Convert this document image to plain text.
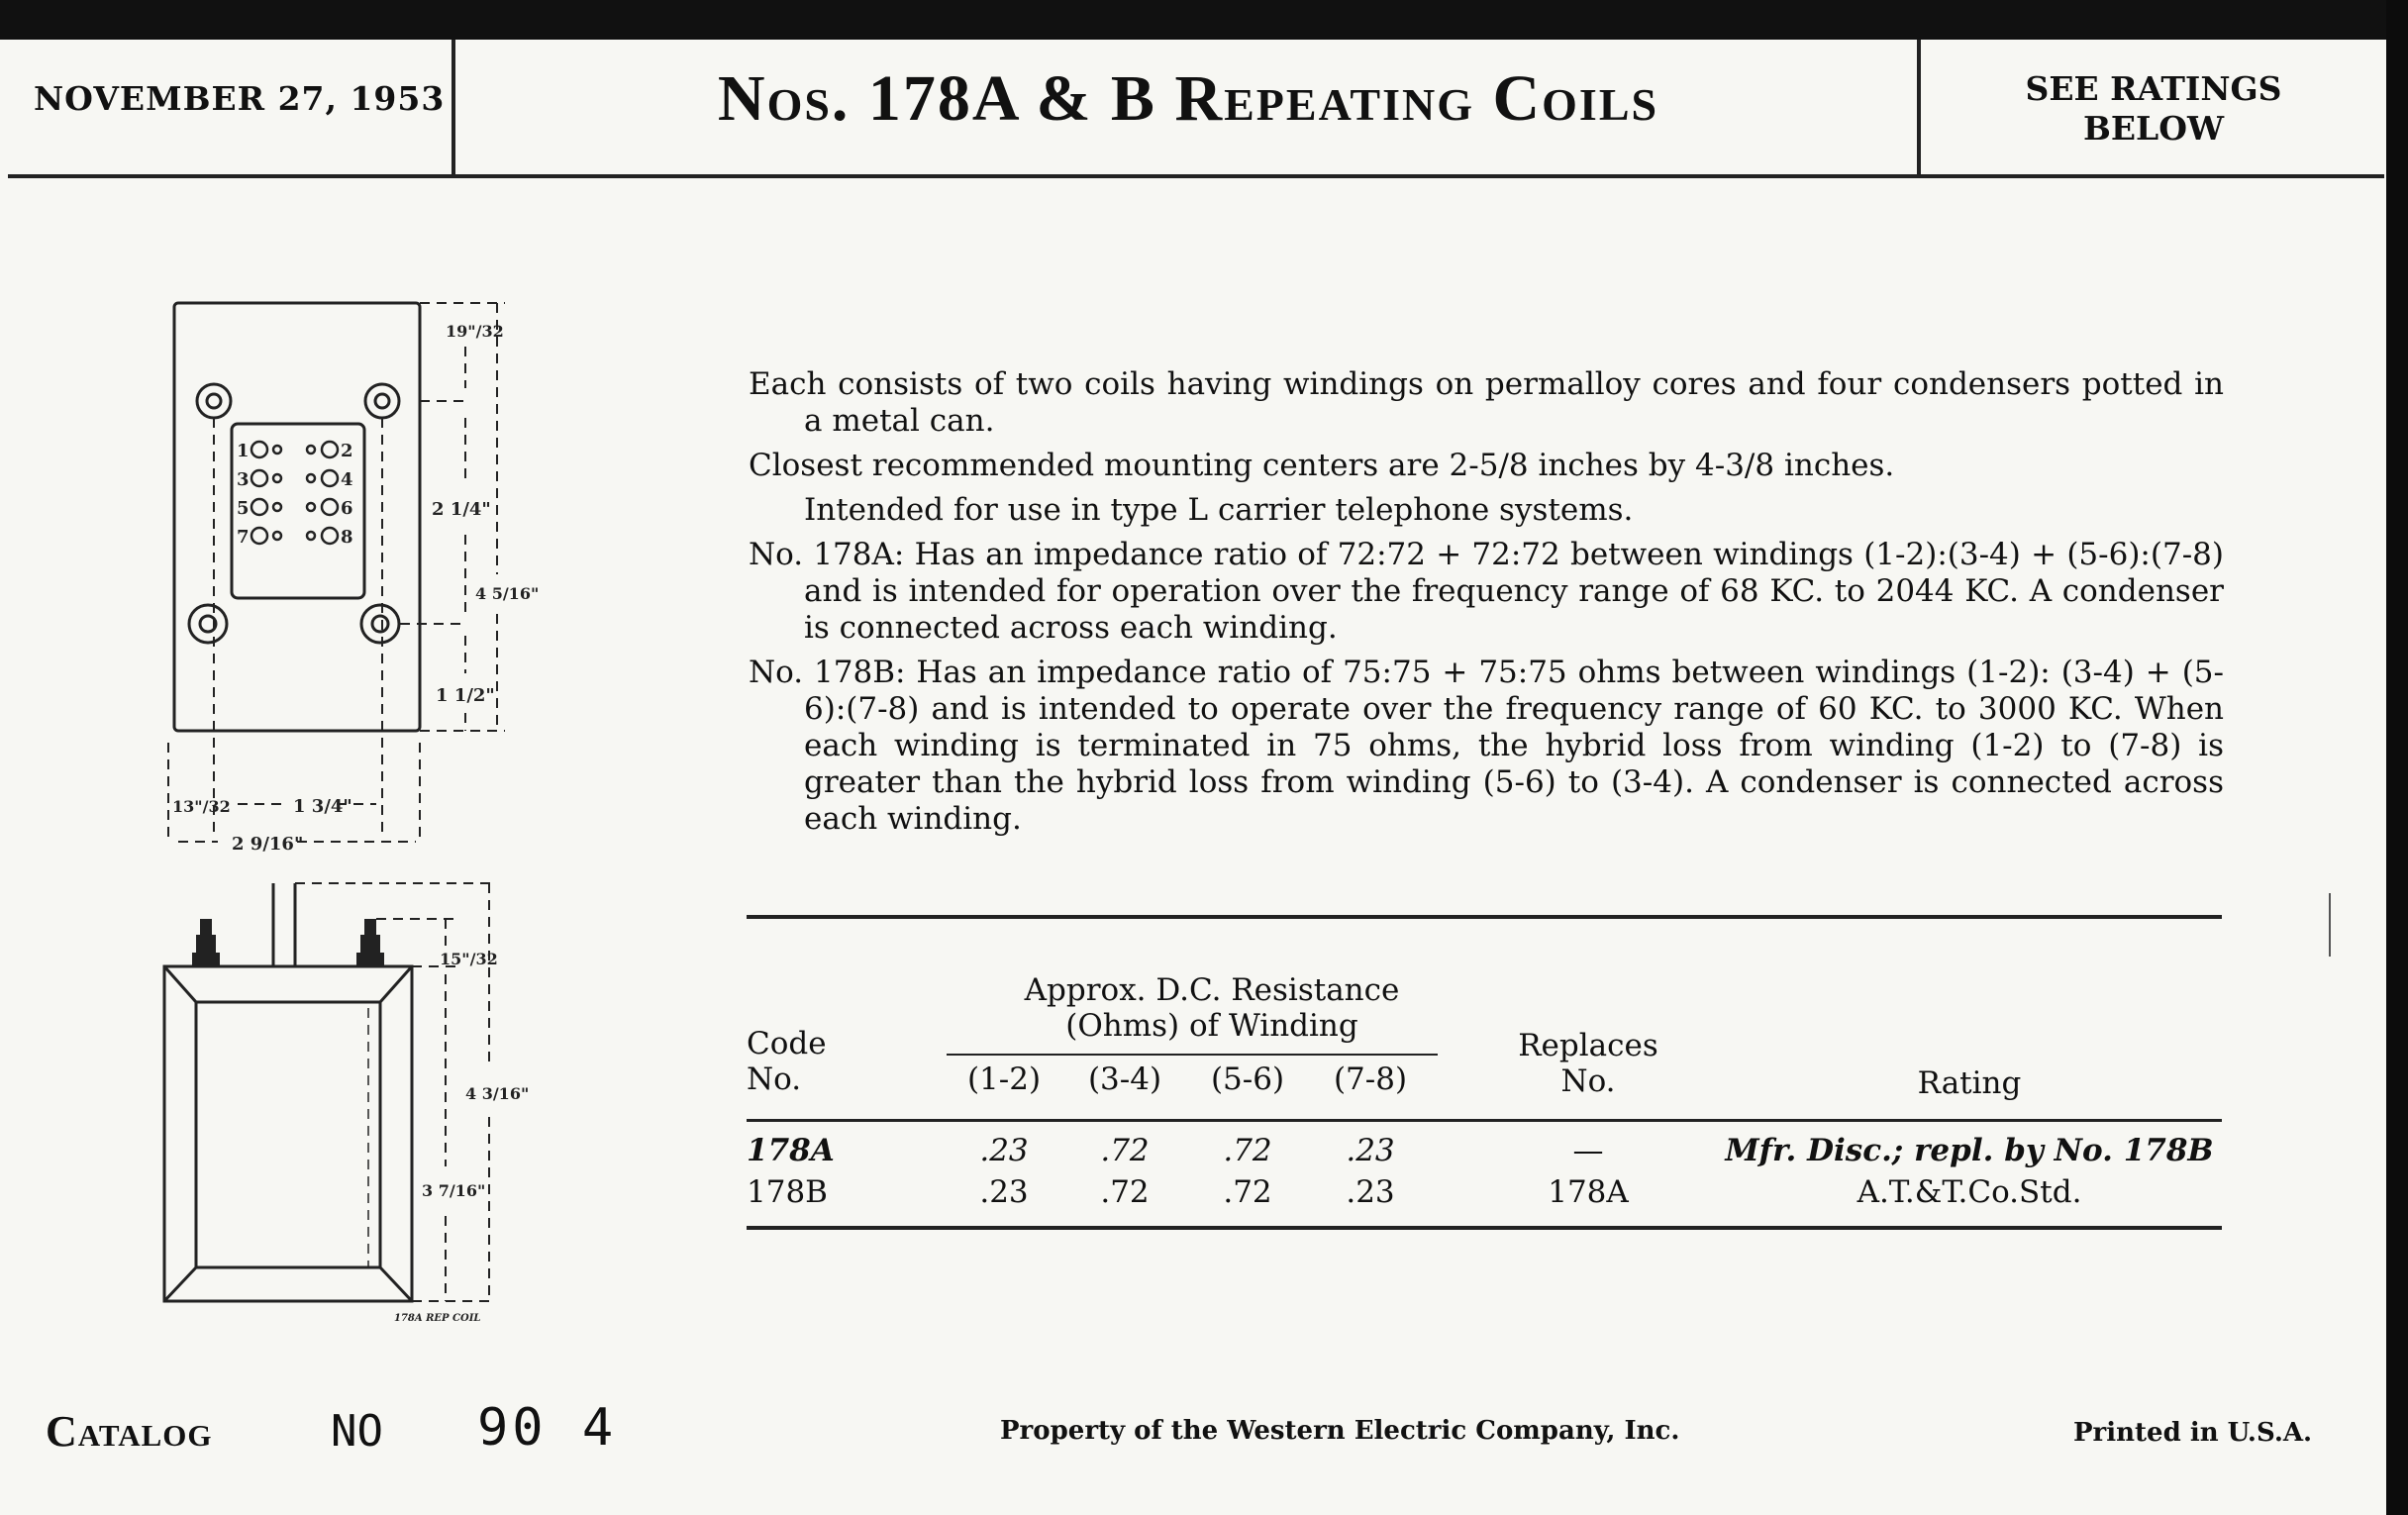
NOVEMBER 27, 1953	Nos. 178A & B Repeating Coils	SEE RATINGS
BELOW
1	2
3	4
5	6
7	8
19"/32
2 1/4"
4 5/16"
1 1/2"
13"/32	1 3/4"
2 9/16"
15"/32
4 3/16"
3 7/16"
178A REP COIL

Each consists of two coils having windings on permalloy cores and four condensers potted in a metal can.

Closest recommended mounting centers are 2-5/8 inches by 4-3/8 inches.

Intended for use in type L carrier telephone systems.

No. 178A: Has an impedance ratio of 72:72 + 72:72 between windings (1-2):(3-4) + (5-6):(7-8) and is intended for operation over the frequency range of 68 KC. to 2044 KC. A condenser is connected across each winding.

No. 178B: Has an impedance ratio of 75:75 + 75:75 ohms between windings (1-2): (3-4) + (5-6):(7-8) and is intended to operate over the frequency range of 60 KC. to 3000 KC. When each winding is terminated in 75 ohms, the hybrid loss from winding (1-2) to (7-8) is greater than the hybrid loss from winding (5-6) to (3-4). A condenser is connected across each winding.

Approx. D.C. Resistance
(Ohms) of Winding
Code
No.	(1-2)	(3-4)	(5-6)	(7-8)
Replaces
No.	Rating
178A	.23	.72	.72	.23	—	Mfr. Disc.; repl. by No. 178B
178B	.23	.72	.72	.23	178A	A.T.&T.Co.Std.
Catalog	NO 90 4	Property of the Western Electric Company, Inc.	Printed in U.S.A.
